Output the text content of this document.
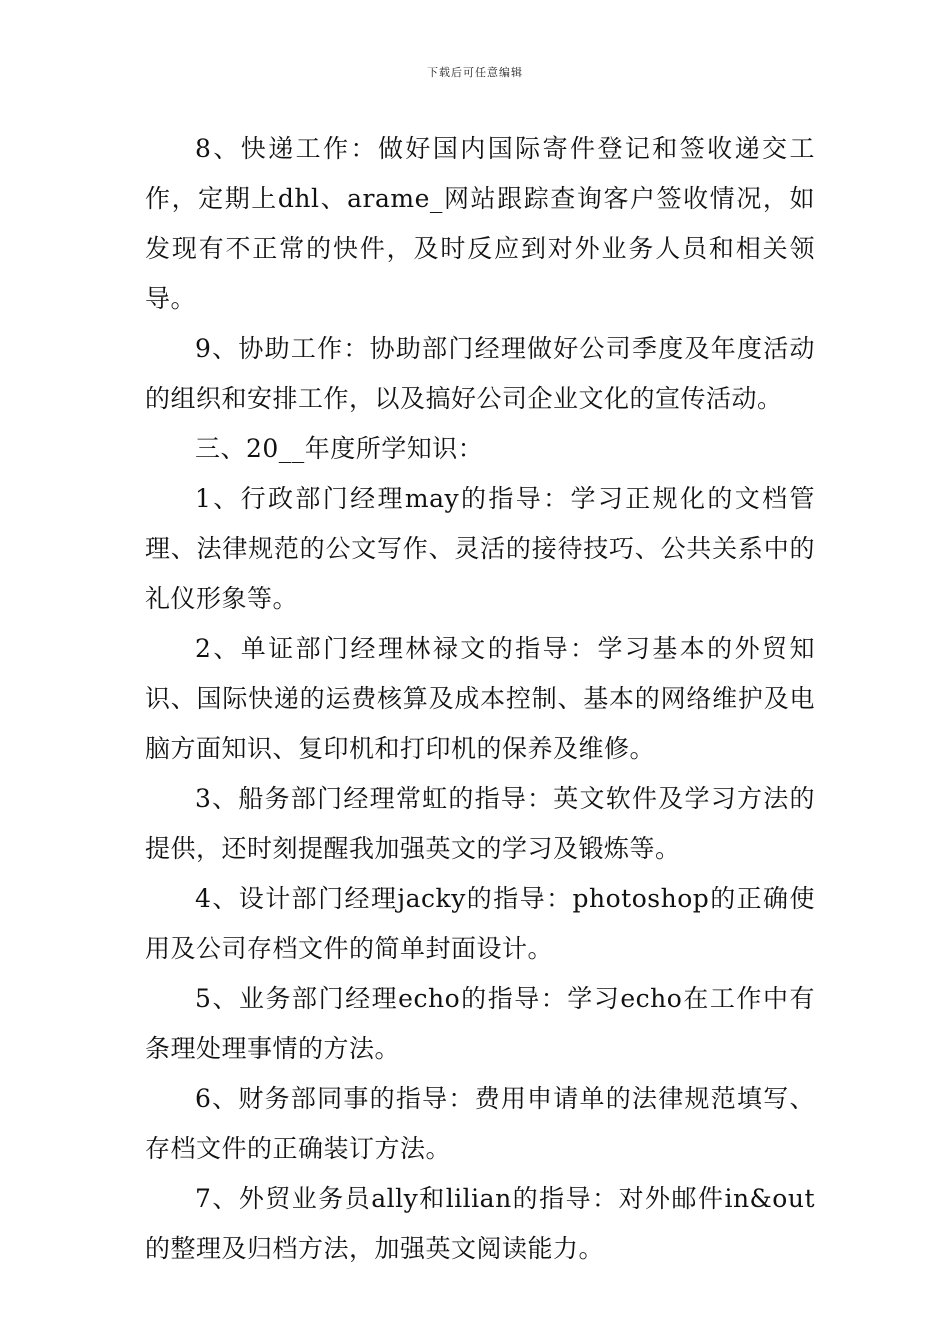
下载后可任意编辑

8、快递工作：做好国内国际寄件登记和签收递交工作，定期上dhl、arame_网站跟踪查询客户签收情况，如发现有不正常的快件，及时反应到对外业务人员和相关领导。

9、协助工作：协助部门经理做好公司季度及年度活动的组织和安排工作，以及搞好公司企业文化的宣传活动。

三、20__年度所学知识：

1、行政部门经理may的指导：学习正规化的文档管理、法律规范的公文写作、灵活的接待技巧、公共关系中的礼仪形象等。

2、单证部门经理林禄文的指导：学习基本的外贸知识、国际快递的运费核算及成本控制、基本的网络维护及电脑方面知识、复印机和打印机的保养及维修。

3、船务部门经理常虹的指导：英文软件及学习方法的提供，还时刻提醒我加强英文的学习及锻炼等。

4、设计部门经理jacky的指导：photoshop的正确使用及公司存档文件的简单封面设计。

5、业务部门经理echo的指导：学习echo在工作中有条理处理事情的方法。

6、财务部同事的指导：费用申请单的法律规范填写、存档文件的正确装订方法。

7、外贸业务员ally和lilian的指导：对外邮件in&out的整理及归档方法，加强英文阅读能力。
